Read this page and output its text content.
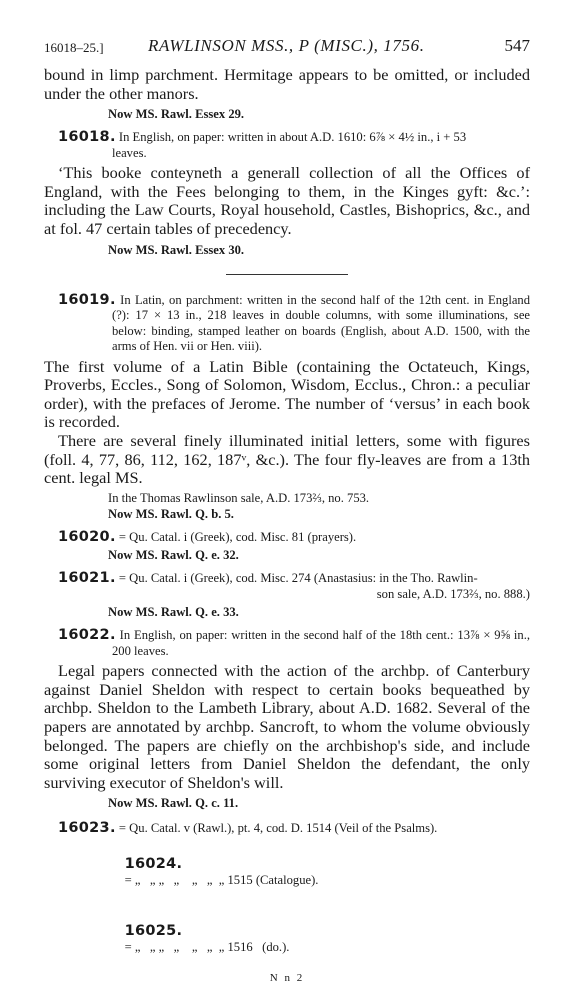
16018–25.]	RAWLINSON MSS., P (MISC.), 1756.	547

bound in limp parchment. Hermitage appears to be omitted, or included under the other manors.

Now MS. Rawl. Essex 29.

16018. In English, on paper: written in about A.D. 1610: 6⅞ × 4½ in., i + 53
leaves.

‘This booke conteyneth a generall collection of all the Offices of England, with the Fees belonging to them, in the Kinges gyft: &c.’: including the Law Courts, Royal household, Castles, Bishoprics, &c., and at fol. 47 certain tables of precedency.

Now MS. Rawl. Essex 30.

16019. In Latin, on parchment: written in the second half of the 12th cent. in England (?): 17 × 13 in., 218 leaves in double columns, with some illuminations, see below: binding, stamped leather on boards (English, about A.D. 1500, with the arms of Hen. vii or Hen. viii).

The first volume of a Latin Bible (containing the Octateuch, Kings, Proverbs, Eccles., Song of Solomon, Wisdom, Ecclus., Chron.: a peculiar order), with the prefaces of Jerome. The number of ‘versus’ in each book is recorded.

There are several finely illuminated initial letters, some with figures (foll. 4, 77, 86, 112, 162, 187ᵛ, &c.). The four fly-leaves are from a 13th cent. legal MS.

In the Thomas Rawlinson sale, A.D. 173⅔, no. 753.

Now MS. Rawl. Q. b. 5.

16020. = Qu. Catal. i (Greek), cod. Misc. 81 (prayers).

Now MS. Rawl. Q. e. 32.

16021. = Qu. Catal. i (Greek), cod. Misc. 274 (Anastasius: in the Tho. Rawlin-

son sale, A.D. 173⅔, no. 888.)

Now MS. Rawl. Q. e. 33.

16022. In English, on paper: written in the second half of the 18th cent.: 13⅞ × 9⅝ in., 200 leaves.

Legal papers connected with the action of the archbp. of Canterbury against Daniel Sheldon with respect to certain books bequeathed by archbp. Sheldon to the Lambeth Library, about A.D. 1682. Several of the papers are annotated by archbp. Sancroft, to whom the volume obviously belonged. The papers are chiefly on the archbishop's side, and include some original letters from Daniel Sheldon the defendant, the only surviving executor of Sheldon's will.

Now MS. Rawl. Q. c. 11.

16023. = Qu. Catal. v (Rawl.), pt. 4, cod. D. 1514 (Veil of the Psalms).

16024.
= „   „ „   „    „   „  „ 1515 (Catalogue).

16025.
= „   „ „   „    „   „  „ 1516   (do.).

N n 2
